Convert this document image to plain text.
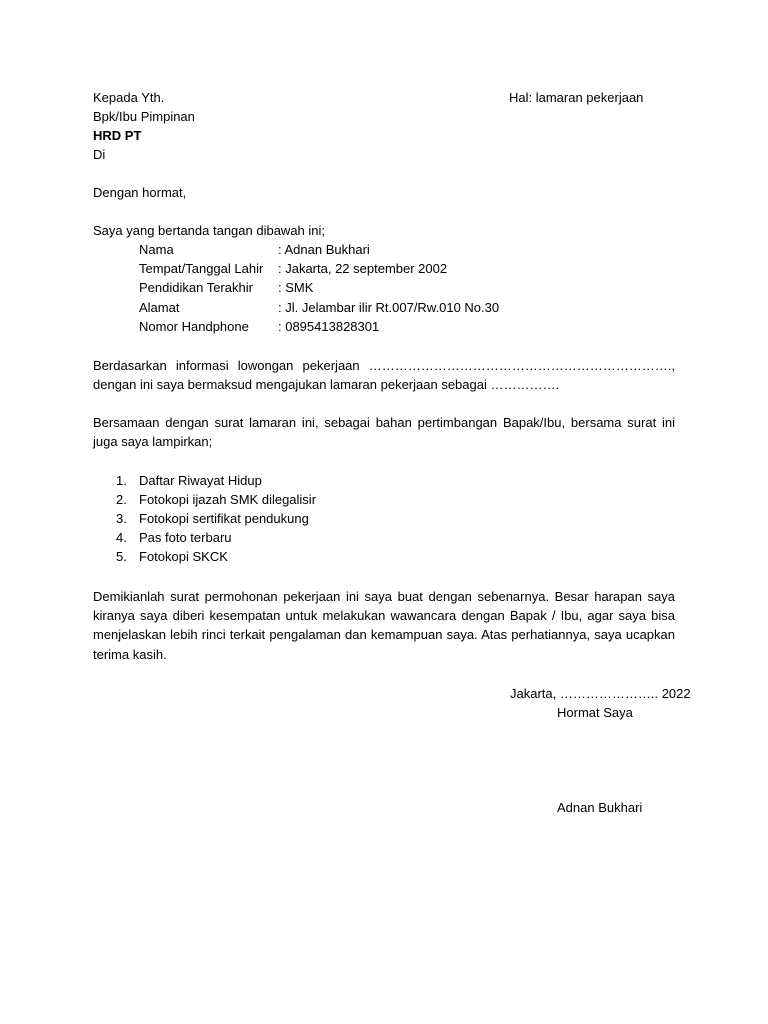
Kepada Yth.	Hal: lamaran pekerjaan
Bpk/Ibu Pimpinan
HRD PT
Di
Dengan hormat,
Saya yang bertanda tangan dibawah ini;
Nama	: Adnan Bukhari
Tempat/Tanggal Lahir : Jakarta, 22 september 2002
Pendidikan Terakhir : SMK
Alamat	: Jl. Jelambar ilir Rt.007/Rw.010 No.30
Nomor Handphone : 0895413828301
Berdasarkan informasi lowongan pekerjaan ……………………………………………………………., dengan ini saya bermaksud mengajukan lamaran pekerjaan sebagai …………….
Bersamaan dengan surat lamaran ini, sebagai bahan pertimbangan Bapak/Ibu, bersama surat ini juga saya lampirkan;
1. Daftar Riwayat Hidup
2. Fotokopi ijazah SMK dilegalisir
3. Fotokopi sertifikat pendukung
4. Pas foto terbaru
5. Fotokopi SKCK
Demikianlah surat permohonan pekerjaan ini saya buat dengan sebenarnya. Besar harapan saya kiranya saya diberi kesempatan untuk melakukan wawancara dengan Bapak / Ibu, agar saya bisa menjelaskan lebih rinci terkait pengalaman dan kemampuan saya. Atas perhatiannya, saya ucapkan terima kasih.
Jakarta, ………………….. 2022
Hormat Saya
Adnan Bukhari
